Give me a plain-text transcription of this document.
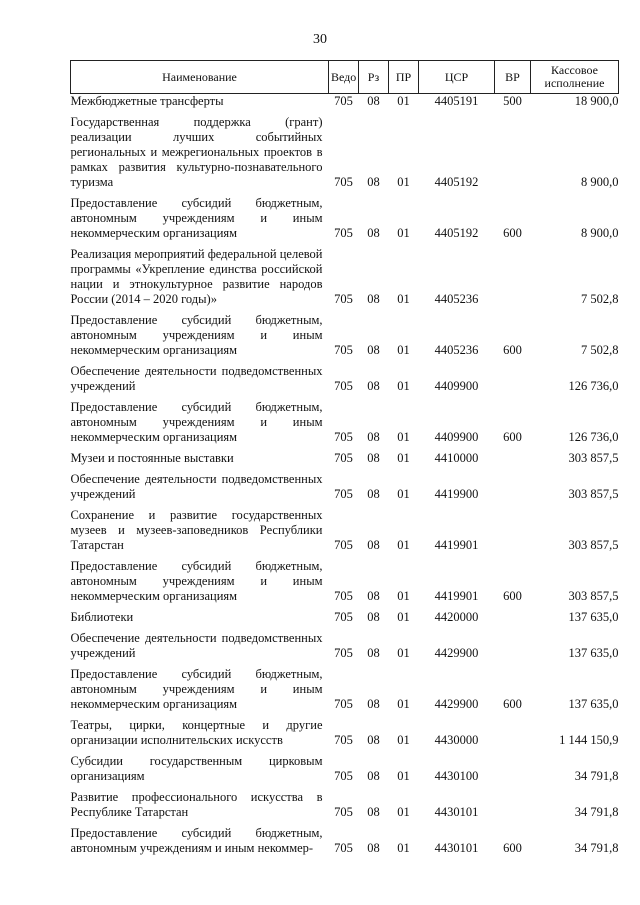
30
Наименование	Ведо	Рз	ПР	ЦСР	ВР	Кассовое исполнение
Межбюджетные трансферты	705	08	01	4405191	500	18 900,0
Государственная поддержка (грант) реализации лучших событийных региональных и межрегиональных проектов в рамках развития культурно-познавательного туризма	705	08	01	4405192		8 900,0
Предоставление субсидий бюджетным, автономным учреждениям и иным некоммерческим организациям	705	08	01	4405192	600	8 900,0
Реализация мероприятий федеральной целевой программы «Укрепление единства российской нации и этнокультурное развитие народов России (2014 – 2020 годы)»	705	08	01	4405236		7 502,8
Предоставление субсидий бюджетным, автономным учреждениям и иным некоммерческим организациям	705	08	01	4405236	600	7 502,8
Обеспечение деятельности подведомственных учреждений	705	08	01	4409900		126 736,0
Предоставление субсидий бюджетным, автономным учреждениям и иным некоммерческим организациям	705	08	01	4409900	600	126 736,0
Музеи и постоянные выставки	705	08	01	4410000		303 857,5
Обеспечение деятельности подведомственных учреждений	705	08	01	4419900		303 857,5
Сохранение и развитие государственных музеев и музеев-заповедников Республики Татарстан	705	08	01	4419901		303 857,5
Предоставление субсидий бюджетным, автономным учреждениям и иным некоммерческим организациям	705	08	01	4419901	600	303 857,5
Библиотеки	705	08	01	4420000		137 635,0
Обеспечение деятельности подведомственных учреждений	705	08	01	4429900		137 635,0
Предоставление субсидий бюджетным, автономным учреждениям и иным некоммерческим организациям	705	08	01	4429900	600	137 635,0
Театры, цирки, концертные и другие организации исполнительских искусств	705	08	01	4430000		1 144 150,9
Субсидии государственным цирковым организациям	705	08	01	4430100		34 791,8
Развитие профессионального искусства в Республике Татарстан	705	08	01	4430101		34 791,8
Предоставление субсидий бюджетным, автономным учреждениям и иным некоммер-	705	08	01	4430101	600	34 791,8
